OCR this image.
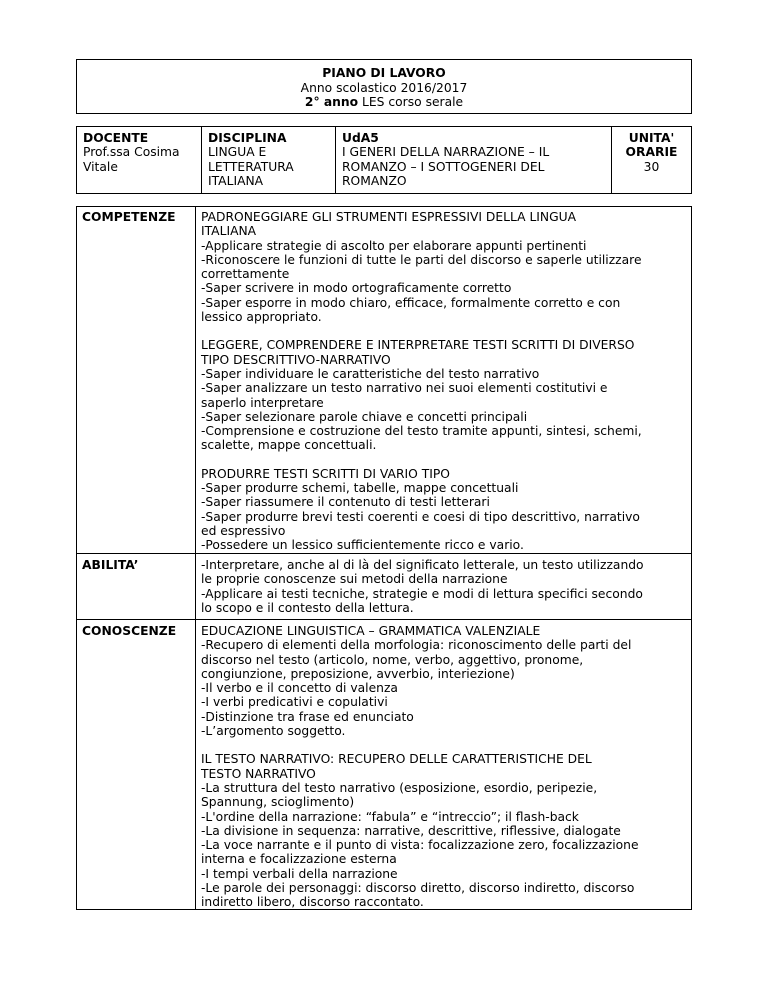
PIANO DI LAVORO
Anno scolastico 2016/2017
2° anno LES corso serale
DOCENTE
Prof.ssa Cosima
Vitale
DISCIPLINA
LINGUA E
LETTERATURA
ITALIANA
UdA5
I GENERI DELLA NARRAZIONE – IL
ROMANZO – I SOTTOGENERI DEL
ROMANZO
UNITA'
ORARIE
30
COMPETENZE PADRONEGGIARE GLI STRUMENTI ESPRESSIVI DELLA LINGUA
ITALIANA
-Applicare strategie di ascolto per elaborare appunti pertinenti
-Riconoscere le funzioni di tutte le parti del discorso e saperle utilizzare
correttamente
-Saper scrivere in modo ortograficamente corretto
-Saper esporre in modo chiaro, efficace, formalmente corretto e con
lessico appropriato.
LEGGERE, COMPRENDERE E INTERPRETARE TESTI SCRITTI DI DIVERSO
TIPO DESCRITTIVO-NARRATIVO
-Saper individuare le caratteristiche del testo narrativo
-Saper analizzare un testo narrativo nei suoi elementi costitutivi e
saperlo interpretare
-Saper selezionare parole chiave e concetti principali
-Comprensione e costruzione del testo tramite appunti, sintesi, schemi,
scalette, mappe concettuali.
PRODURRE TESTI SCRITTI DI VARIO TIPO
-Saper produrre schemi, tabelle, mappe concettuali
-Saper riassumere il contenuto di testi letterari
-Saper produrre brevi testi coerenti e coesi di tipo descrittivo, narrativo
ed espressivo
-Possedere un lessico sufficientemente ricco e vario.
ABILITA’	-Interpretare, anche al di là del significato letterale, un testo utilizzando
le proprie conoscenze sui metodi della narrazione
-Applicare ai testi tecniche, strategie e modi di lettura specifici secondo
lo scopo e il contesto della lettura.
CONOSCENZE EDUCAZIONE LINGUISTICA – GRAMMATICA VALENZIALE
-Recupero di elementi della morfologia: riconoscimento delle parti del
discorso nel testo (articolo, nome, verbo, aggettivo, pronome,
congiunzione, preposizione, avverbio, interiezione)
-Il verbo e il concetto di valenza
-I verbi predicativi e copulativi
-Distinzione tra frase ed enunciato
-L’argomento soggetto.
IL TESTO NARRATIVO: RECUPERO DELLE CARATTERISTICHE DEL
TESTO NARRATIVO
-La struttura del testo narrativo (esposizione, esordio, peripezie,
Spannung, scioglimento)
-L'ordine della narrazione: “fabula” e “intreccio”; il flash-back
-La divisione in sequenza: narrative, descrittive, riflessive, dialogate
-La voce narrante e il punto di vista: focalizzazione zero, focalizzazione
interna e focalizzazione esterna
-I tempi verbali della narrazione
-Le parole dei personaggi: discorso diretto, discorso indiretto, discorso
indiretto libero, discorso raccontato.
